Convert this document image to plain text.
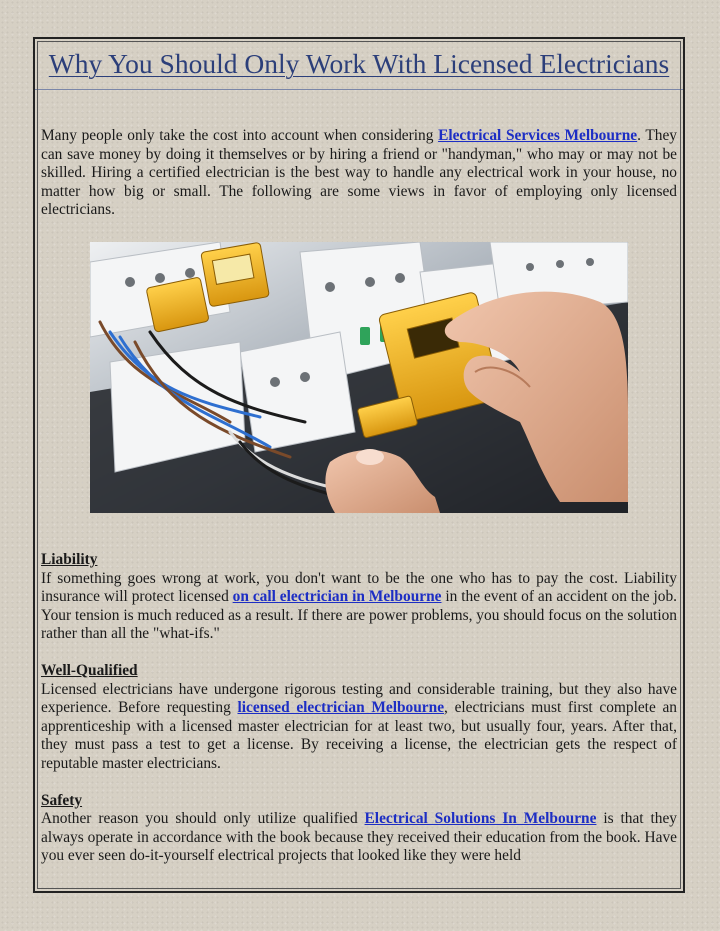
Why You Should Only Work With Licensed Electricians

Many people only take the cost into account when considering Electrical Services Melbourne. They can save money by doing it themselves or by hiring a friend or "handyman," who may or may not be skilled. Hiring a certified electrician is the best way to handle any electrical work in your house, no matter how big or small. The following are some views in favor of employing only licensed electricians.

Liability

If something goes wrong at work, you don't want to be the one who has to pay the cost. Liability insurance will protect licensed on call electrician in Melbourne in the event of an accident on the job. Your tension is much reduced as a result. If there are power problems, you should focus on the solution rather than all the "what-ifs."

Well-Qualified

Licensed electricians have undergone rigorous testing and considerable training, but they also have experience. Before requesting licensed electrician Melbourne, electricians must first complete an apprenticeship with a licensed master electrician for at least two, but usually four, years. After that, they must pass a test to get a license. By receiving a license, the electrician gets the respect of reputable master electricians.

Safety

Another reason you should only utilize qualified Electrical Solutions In Melbourne is that they always operate in accordance with the book because they received their education from the book. Have you ever seen do-it-yourself electrical projects that looked like they were held
